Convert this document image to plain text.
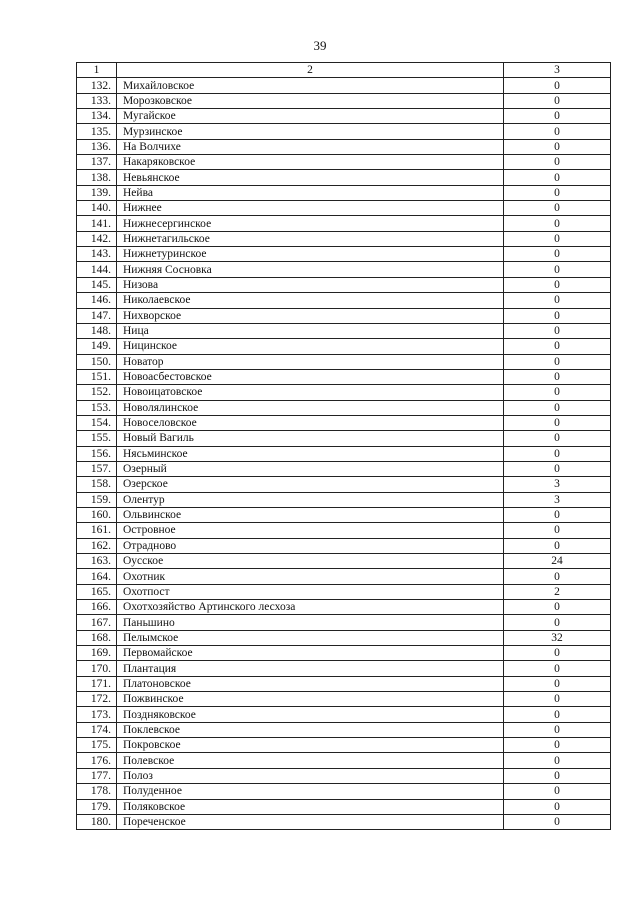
39
1	2	3
132.	Михайловское	0
133.	Морозковское	0
134.	Мугайское	0
135.	Мурзинское	0
136.	На Волчихе	0
137.	Накаряковское	0
138.	Невьянское	0
139.	Нейва	0
140.	Нижнее	0
141.	Нижнесергинское	0
142.	Нижнетагильское	0
143.	Нижнетуринское	0
144.	Нижняя Сосновка	0
145.	Низова	0
146.	Николаевское	0
147.	Нихворское	0
148.	Ница	0
149.	Ницинское	0
150.	Новатор	0
151.	Новоасбестовское	0
152.	Новоицатовское	0
153.	Новолялинское	0
154.	Новоселовское	0
155.	Новый Вагиль	0
156.	Нясьминское	0
157.	Озерный	0
158.	Озерское	3
159.	Олентур	3
160.	Ольвинское	0
161.	Островное	0
162.	Отрадново	0
163.	Оусское	24
164.	Охотник	0
165.	Охотпост	2
166.	Охотхозяйство Артинского лесхоза	0
167.	Паньшино	0
168.	Пелымское	32
169.	Первомайское	0
170.	Плантация	0
171.	Платоновское	0
172.	Пожвинское	0
173.	Поздняковское	0
174.	Поклевское	0
175.	Покровское	0
176.	Полевское	0
177.	Полоз	0
178.	Полуденное	0
179.	Поляковское	0
180.	Пореченское	0
